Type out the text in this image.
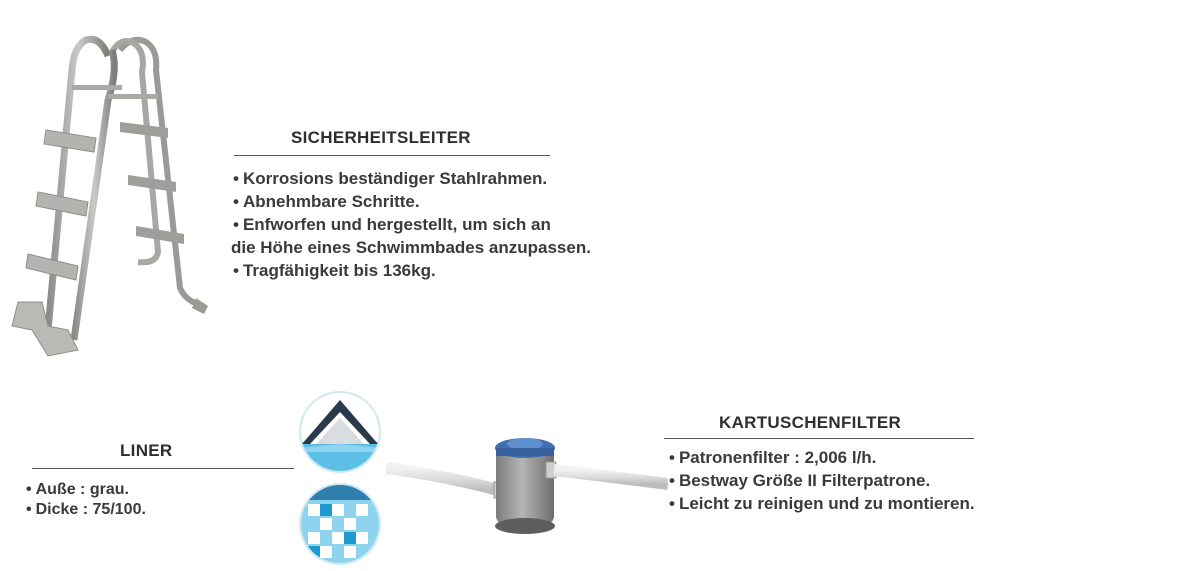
SICHERHEITSLEITER
• Korrosions beständiger Stahlrahmen.
• Abnehmbare Schritte.
• Enfworfen und hergestellt, um sich an
die Höhe eines Schwimmbades anzupassen.
• Tragfähigkeit bis 136kg.
LINER
• Auße : grau.
• Dicke : 75/100.
KARTUSCHENFILTER
• Patronenfilter : 2,006 l/h.
• Bestway Größe II Filterpatrone.
• Leicht zu reinigen und zu montieren.
